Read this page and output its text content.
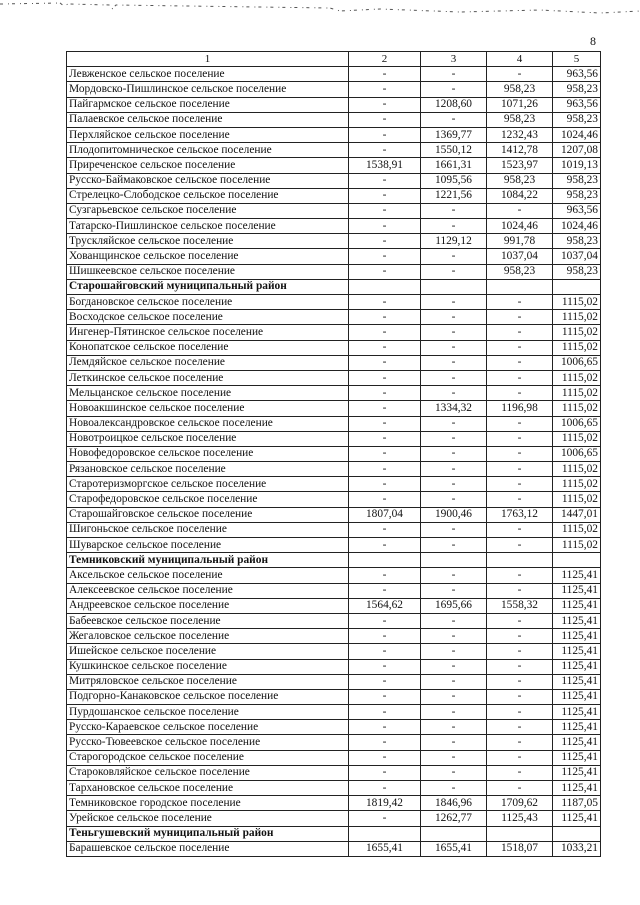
8
1	2	3	4	5
Левженское сельское поселение	-	-	-	963,56
Мордовско-Пишлинское сельское поселение	-	-	958,23	958,23
Пайгармское сельское поселение	-	1208,60	1071,26	963,56
Палаевское сельское поселение	-	-	958,23	958,23
Перхляйское сельское поселение	-	1369,77	1232,43	1024,46
Плодопитомническое сельское поселение	-	1550,12	1412,78	1207,08
Приреченское сельское поселение	1538,91	1661,31	1523,97	1019,13
Русско-Баймаковское сельское поселение	-	1095,56	958,23	958,23
Стрелецко-Слободское сельское поселение	-	1221,56	1084,22	958,23
Сузгарьевское сельское поселение	-	-	-	963,56
Татарско-Пишлинское сельское поселение	-	-	1024,46	1024,46
Трускляйское сельское поселение	-	1129,12	991,78	958,23
Хованщинское сельское поселение	-	-	1037,04	1037,04
Шишкеевское сельское поселение	-	-	958,23	958,23
Старошайговский муниципальный район				
Богдановское сельское поселение	-	-	-	1115,02
Восходское сельское поселение	-	-	-	1115,02
Ингенер-Пятинское сельское поселение	-	-	-	1115,02
Конопатское сельское поселение	-	-	-	1115,02
Лемдяйское сельское поселение	-	-	-	1006,65
Леткинское сельское поселение	-	-	-	1115,02
Мельцанское сельское поселение	-	-	-	1115,02
Новоакшинское сельское поселение	-	1334,32	1196,98	1115,02
Новоалександровское сельское поселение	-	-	-	1006,65
Новотроицкое сельское поселение	-	-	-	1115,02
Новофедоровское сельское поселение	-	-	-	1006,65
Рязановское сельское поселение	-	-	-	1115,02
Старотеризморгское сельское поселение	-	-	-	1115,02
Старофедоровское сельское поселение	-	-	-	1115,02
Старошайговское сельское поселение	1807,04	1900,46	1763,12	1447,01
Шигоньское сельское поселение	-	-	-	1115,02
Шуварское сельское поселение	-	-	-	1115,02
Темниковский муниципальный район				
Аксельское сельское поселение	-	-	-	1125,41
Алексеевское сельское поселение	-	-	-	1125,41
Андреевское сельское поселение	1564,62	1695,66	1558,32	1125,41
Бабеевское сельское поселение	-	-	-	1125,41
Жегаловское сельское поселение	-	-	-	1125,41
Ишейское сельское поселение	-	-	-	1125,41
Кушкинское сельское поселение	-	-	-	1125,41
Митряловское сельское поселение	-	-	-	1125,41
Подгорно-Канаковское сельское поселение	-	-	-	1125,41
Пурдошанское сельское поселение	-	-	-	1125,41
Русско-Караевское сельское поселение	-	-	-	1125,41
Русско-Тювеевское сельское поселение	-	-	-	1125,41
Старогородское сельское поселение	-	-	-	1125,41
Староковляйское сельское поселение	-	-	-	1125,41
Тархановское сельское поселение	-	-	-	1125,41
Темниковское городское поселение	1819,42	1846,96	1709,62	1187,05
Урейское сельское поселение	-	1262,77	1125,43	1125,41
Теньгушевский муниципальный район				
Барашевское сельское поселение	1655,41	1655,41	1518,07	1033,21
